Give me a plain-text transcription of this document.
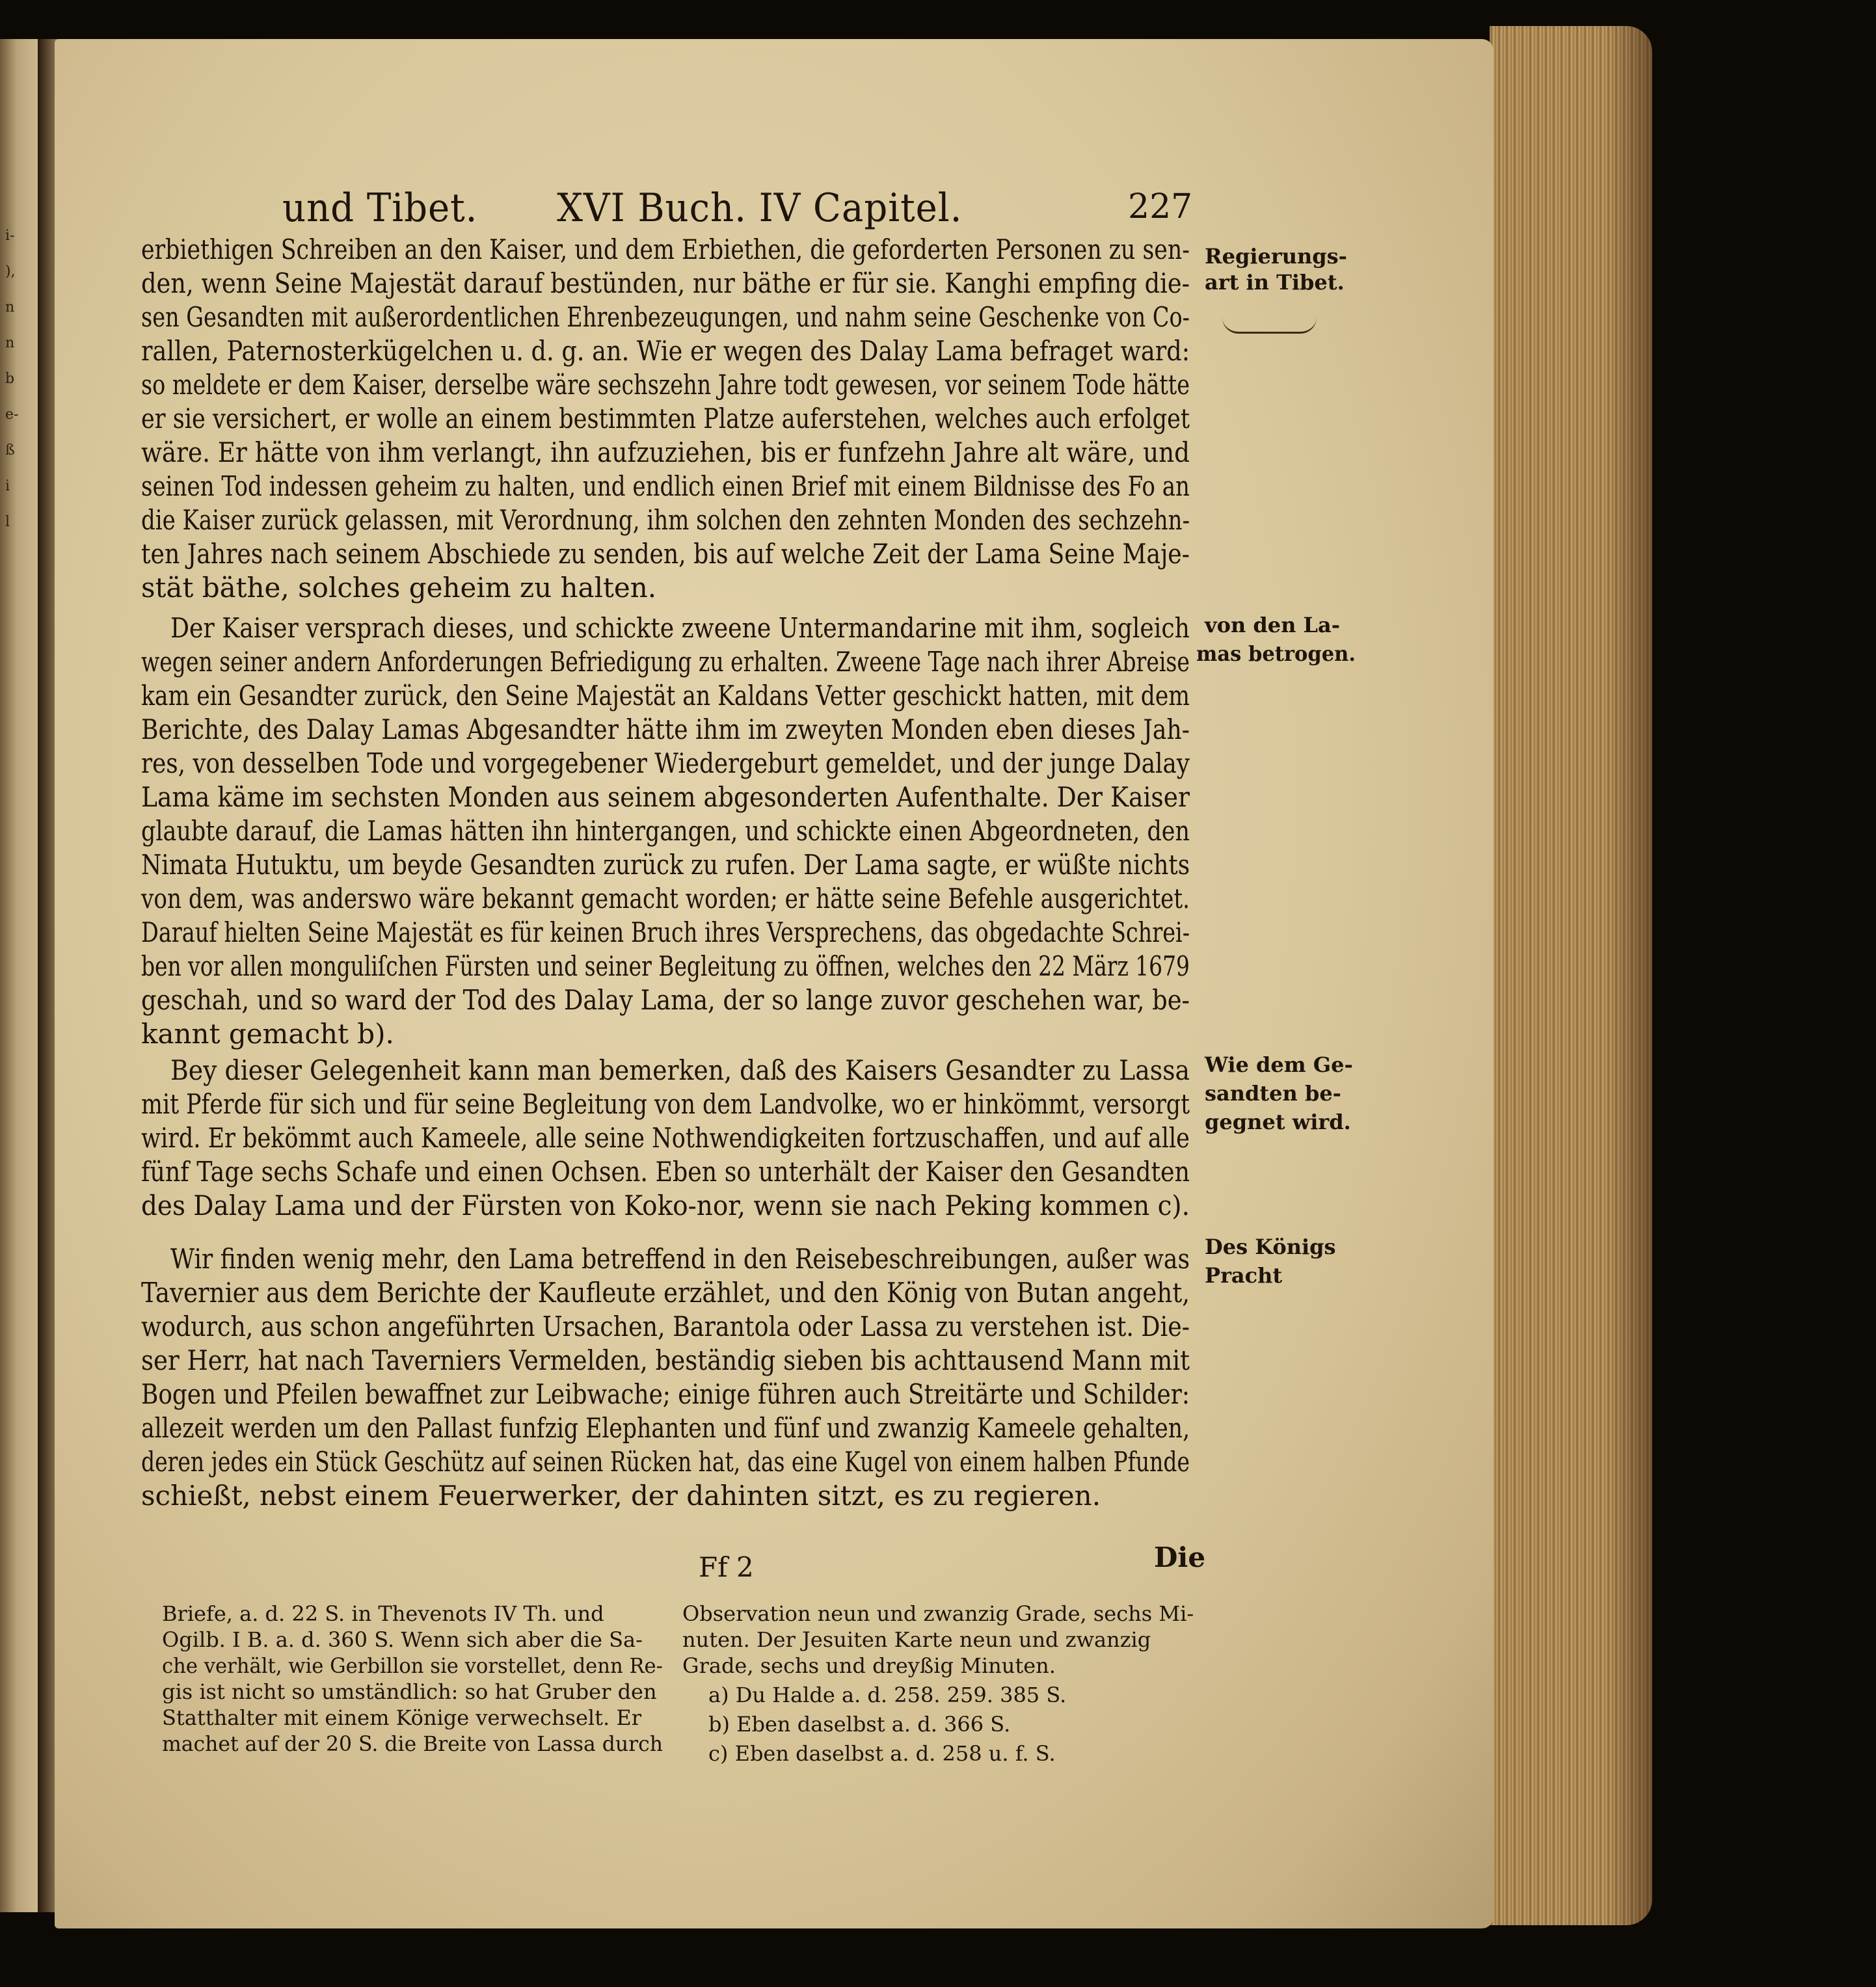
i-
),
n
n
b
e-
ß
i
l
und Tibet. XVI Buch. IV Capitel.	227
erbiethigen Schreiben an den Kaiser, und dem Erbiethen, die geforderten Personen zu sen-
den, wenn Seine Majestät darauf bestünden, nur bäthe er für sie. Kanghi empfing die-
sen Gesandten mit außerordentlichen Ehrenbezeugungen, und nahm seine Geschenke von Co-
rallen, Paternosterkügelchen u. d. g. an. Wie er wegen des Dalay Lama befraget ward:
so meldete er dem Kaiser, derselbe wäre sechszehn Jahre todt gewesen, vor seinem Tode hätte
er sie versichert, er wolle an einem bestimmten Platze auferstehen, welches auch erfolget
wäre. Er hätte von ihm verlangt, ihn aufzuziehen, bis er funfzehn Jahre alt wäre, und
seinen Tod indessen geheim zu halten, und endlich einen Brief mit einem Bildnisse des Fo an
die Kaiser zurück gelassen, mit Verordnung, ihm solchen den zehnten Monden des sechzehn-
ten Jahres nach seinem Abschiede zu senden, bis auf welche Zeit der Lama Seine Maje-
stät bäthe, solches geheim zu halten.
Der Kaiser versprach dieses, und schickte zweene Untermandarine mit ihm, sogleich
wegen seiner andern Anforderungen Befriedigung zu erhalten. Zweene Tage nach ihrer Abreise
kam ein Gesandter zurück, den Seine Majestät an Kaldans Vetter geschickt hatten, mit dem
Berichte, des Dalay Lamas Abgesandter hätte ihm im zweyten Monden eben dieses Jah-
res, von desselben Tode und vorgegebener Wiedergeburt gemeldet, und der junge Dalay
Lama käme im sechsten Monden aus seinem abgesonderten Aufenthalte. Der Kaiser
glaubte darauf, die Lamas hätten ihn hintergangen, und schickte einen Abgeordneten, den
Nimata Hutuktu, um beyde Gesandten zurück zu rufen. Der Lama sagte, er wüßte nichts
von dem, was anderswo wäre bekannt gemacht worden; er hätte seine Befehle ausgerichtet.
Darauf hielten Seine Majestät es für keinen Bruch ihres Versprechens, das obgedachte Schrei-
ben vor allen monguliſchen Fürsten und seiner Begleitung zu öffnen, welches den 22 März 1679
geschah, und so ward der Tod des Dalay Lama, der so lange zuvor geschehen war, be-
kannt gemacht b).
Bey dieser Gelegenheit kann man bemerken, daß des Kaisers Gesandter zu Lassa
mit Pferde für sich und für seine Begleitung von dem Landvolke, wo er hinkömmt, versorgt
wird. Er bekömmt auch Kameele, alle seine Nothwendigkeiten fortzuschaffen, und auf alle
fünf Tage sechs Schafe und einen Ochsen. Eben so unterhält der Kaiser den Gesandten
des Dalay Lama und der Fürsten von Koko-nor, wenn sie nach Peking kommen c).
Wir finden wenig mehr, den Lama betreffend in den Reisebeschreibungen, außer was
Tavernier aus dem Berichte der Kaufleute erzählet, und den König von Butan angeht,
wodurch, aus schon angeführten Ursachen, Barantola oder Lassa zu verstehen ist. Die-
ser Herr, hat nach Taverniers Vermelden, beständig sieben bis achttausend Mann mit
Bogen und Pfeilen bewaffnet zur Leibwache; einige führen auch Streitärte und Schilder:
allezeit werden um den Pallast funfzig Elephanten und fünf und zwanzig Kameele gehalten,
deren jedes ein Stück Geschütz auf seinen Rücken hat, das eine Kugel von einem halben Pfunde
schießt, nebst einem Feuerwerker, der dahinten sitzt, es zu regieren.
Regierungs-
art in Tibet.
von den La-
mas betrogen.
Wie dem Ge-
sandten be-
gegnet wird.
Des Königs
Pracht
Ff 2	Die
Briefe, a. d. 22 S. in Thevenots IV Th. und
Ogilb. I B. a. d. 360 S. Wenn sich aber die Sa-
che verhält, wie Gerbillon sie vorstellet, denn Re-
gis ist nicht so umständlich: so hat Gruber den
Statthalter mit einem Könige verwechselt. Er
machet auf der 20 S. die Breite von Lassa durch
Observation neun und zwanzig Grade, sechs Mi-
nuten. Der Jesuiten Karte neun und zwanzig
Grade, sechs und dreyßig Minuten.
a) Du Halde a. d. 258. 259. 385 S.
b) Eben daselbst a. d. 366 S.
c) Eben daselbst a. d. 258 u. f. S.
